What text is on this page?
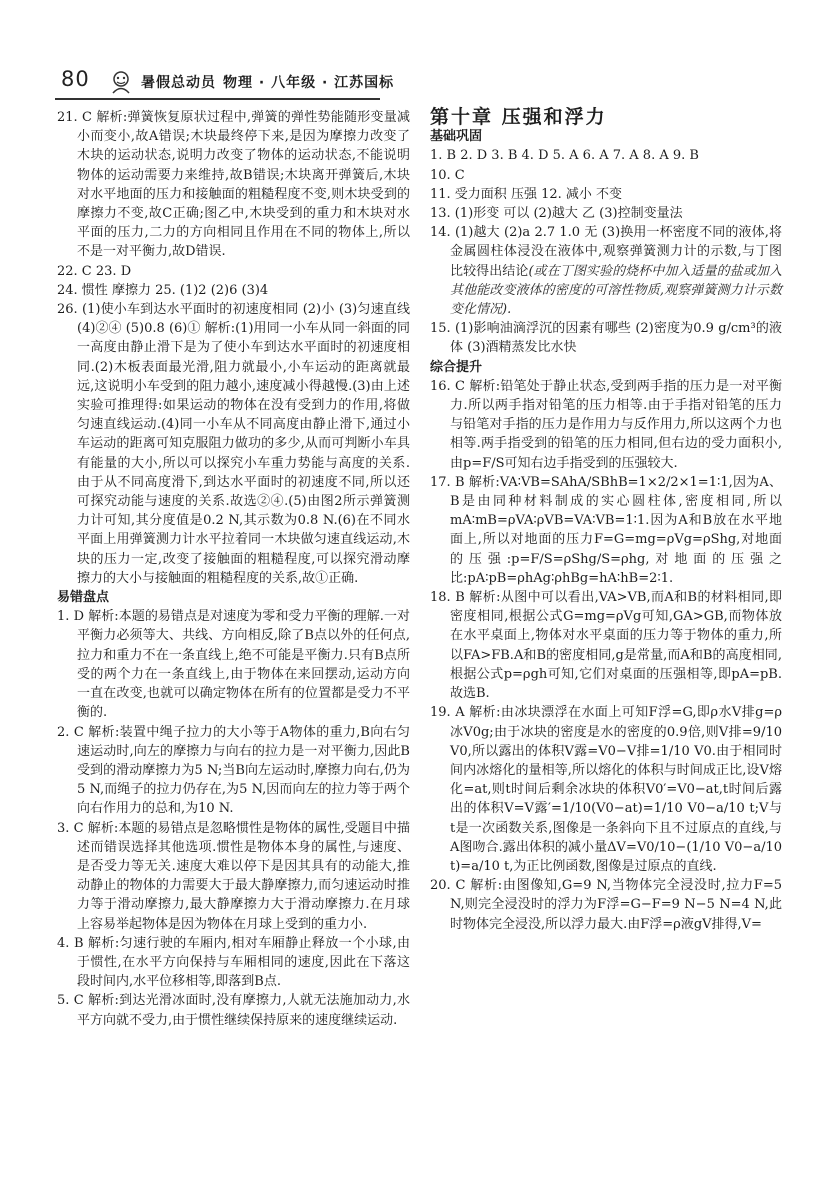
80	暑假总动员 物理 · 八年级 · 江苏国标

21. C 解析:弹簧恢复原状过程中,弹簧的弹性势能随形变量减小而变小,故A错误;木块最终停下来,是因为摩擦力改变了木块的运动状态,说明力改变了物体的运动状态,不能说明物体的运动需要力来维持,故B错误;木块离开弹簧后,木块对水平地面的压力和接触面的粗糙程度不变,则木块受到的摩擦力不变,故C正确;图乙中,木块受到的重力和木块对水平面的压力,二力的方向相同且作用在不同的物体上,所以不是一对平衡力,故D错误.

22. C 23. D

24. 惯性 摩擦力 25. (1)2 (2)6 (3)4

26. (1)使小车到达水平面时的初速度相同 (2)小 (3)匀速直线 (4)②④ (5)0.8 (6)① 解析:(1)用同一小车从同一斜面的同一高度由静止滑下是为了使小车到达水平面时的初速度相同.(2)木板表面最光滑,阻力就最小,小车运动的距离就最远,这说明小车受到的阻力越小,速度减小得越慢.(3)由上述实验可推理得:如果运动的物体在没有受到力的作用,将做匀速直线运动.(4)同一小车从不同高度由静止滑下,通过小车运动的距离可知克服阻力做功的多少,从而可判断小车具有能量的大小,所以可以探究小车重力势能与高度的关系.由于从不同高度滑下,到达水平面时的初速度不同,所以还可探究动能与速度的关系.故选②④.(5)由图2所示弹簧测力计可知,其分度值是0.2 N,其示数为0.8 N.(6)在不同水平面上用弹簧测力计水平拉着同一木块做匀速直线运动,木块的压力一定,改变了接触面的粗糙程度,可以探究滑动摩擦力的大小与接触面的粗糙程度的关系,故①正确.

易错盘点

1. D 解析:本题的易错点是对速度为零和受力平衡的理解.一对平衡力必须等大、共线、方向相反,除了B点以外的任何点,拉力和重力不在一条直线上,绝不可能是平衡力.只有B点所受的两个力在一条直线上,由于物体在来回摆动,运动方向一直在改变,也就可以确定物体在所有的位置都是受力不平衡的.

2. C 解析:装置中绳子拉力的大小等于A物体的重力,B向右匀速运动时,向左的摩擦力与向右的拉力是一对平衡力,因此B受到的滑动摩擦力为5 N;当B向左运动时,摩擦力向右,仍为5 N,而绳子的拉力仍存在,为5 N,因而向左的拉力等于两个向右作用力的总和,为10 N.

3. C 解析:本题的易错点是忽略惯性是物体的属性,受题目中描述而错误选择其他选项.惯性是物体本身的属性,与速度、是否受力等无关.速度大难以停下是因其具有的动能大,推动静止的物体的力需要大于最大静摩擦力,而匀速运动时推力等于滑动摩擦力,最大静摩擦力大于滑动摩擦力.在月球上容易举起物体是因为物体在月球上受到的重力小.

4. B 解析:匀速行驶的车厢内,相对车厢静止释放一个小球,由于惯性,在水平方向保持与车厢相同的速度,因此在下落这段时间内,水平位移相等,即落到B点.

5. C 解析:到达光滑冰面时,没有摩擦力,人就无法施加动力,水平方向就不受力,由于惯性继续保持原来的速度继续运动.

第十章 压强和浮力

基础巩固

1. B 2. D 3. B 4. D 5. A 6. A 7. A 8. A 9. B

10. C

11. 受力面积 压强 12. 减小 不变

13. (1)形变 可以 (2)越大 乙 (3)控制变量法

14. (1)越大 (2)a 2.7 1.0 无 (3)换用一杯密度不同的液体,将金属圆柱体浸没在液体中,观察弹簧测力计的示数,与丁图比较得出结论(或在丁图实验的烧杯中加入适量的盐或加入其他能改变液体的密度的可溶性物质,观察弹簧测力计示数变化情况).

15. (1)影响油滴浮沉的因素有哪些 (2)密度为0.9 g/cm³的液体 (3)酒精蒸发比水快

综合提升

16. C 解析:铅笔处于静止状态,受到两手指的压力是一对平衡力.所以两手指对铅笔的压力相等.由于手指对铅笔的压力与铅笔对手指的压力是作用力与反作用力,所以这两个力也相等.两手指受到的铅笔的压力相同,但右边的受力面积小,由p=F/S可知右边手指受到的压强较大.

17. B 解析:VA∶VB=SAhA/SBhB=1×2/2×1=1∶1,因为A、B是由同种材料制成的实心圆柱体,密度相同,所以mA∶mB=ρVA∶ρVB=VA∶VB=1∶1.因为A和B放在水平地面上,所以对地面的压力F=G=mg=ρVg=ρShg,对地面的压强:p=F/S=ρShg/S=ρhg,对地面的压强之比:pA∶pB=ρhAg∶ρhBg=hA∶hB=2∶1.

18. B 解析:从图中可以看出,VA>VB,而A和B的材料相同,即密度相同,根据公式G=mg=ρVg可知,GA>GB,而物体放在水平桌面上,物体对水平桌面的压力等于物体的重力,所以FA>FB.A和B的密度相同,g是常量,而A和B的高度相同,根据公式p=ρgh可知,它们对桌面的压强相等,即pA=pB.故选B.

19. A 解析:由冰块漂浮在水面上可知F浮=G,即ρ水V排g=ρ冰V0g;由于冰块的密度是水的密度的0.9倍,则V排=9/10 V0,所以露出的体积V露=V0−V排=1/10 V0.由于相同时间内冰熔化的量相等,所以熔化的体积与时间成正比,设V熔化=at,则t时间后剩余冰块的体积V0′=V0−at,t时间后露出的体积V=V露′=1/10(V0−at)=1/10 V0−a/10 t;V与t是一次函数关系,图像是一条斜向下且不过原点的直线,与A图吻合.露出体积的减小量ΔV=V0/10−(1/10 V0−a/10 t)=a/10 t,为正比例函数,图像是过原点的直线.

20. C 解析:由图像知,G=9 N,当物体完全浸没时,拉力F=5 N,则完全浸没时的浮力为F浮=G−F=9 N−5 N=4 N,此时物体完全浸没,所以浮力最大.由F浮=ρ液gV排得,V=
